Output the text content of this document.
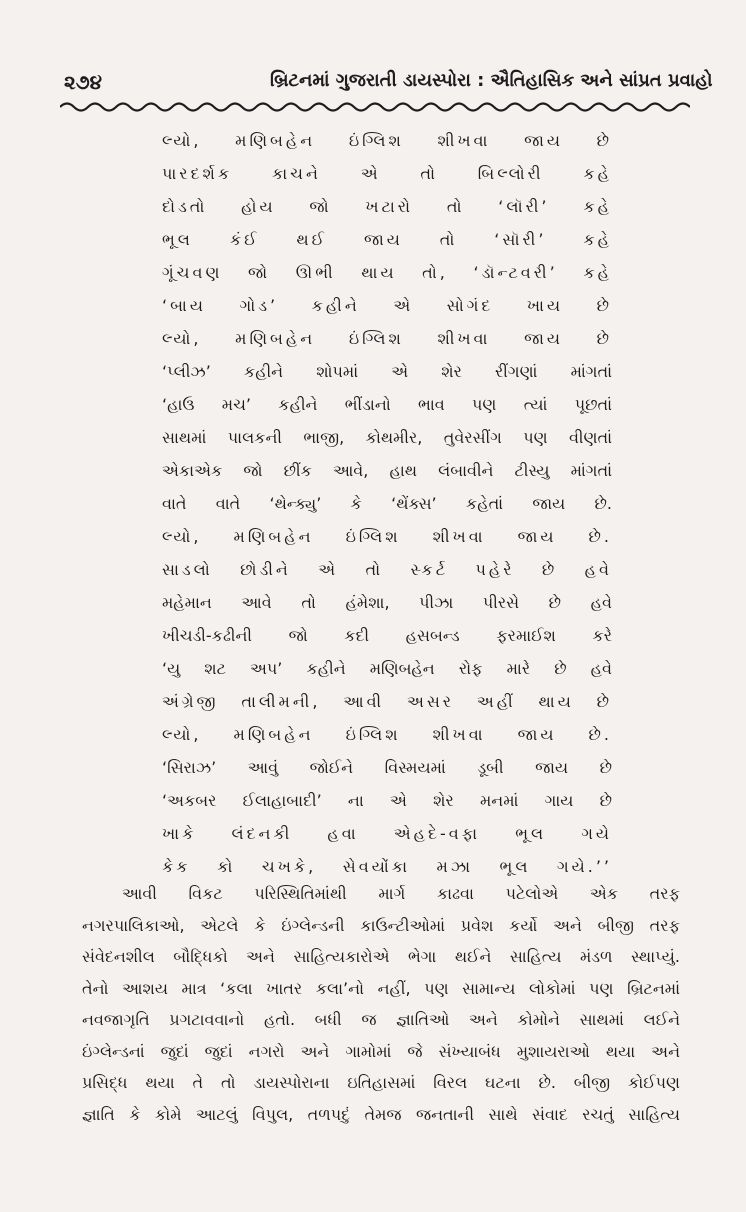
૨૭૪	બ્રિટનમાં ગુજરાતી ડાયસ્પોરા : ઐતિહાસિક અને સાંપ્રત પ્રવાહો
લ્યો, મણિબહેન ઇંગ્લિશ શીખવા જાય છે
પારદર્શક કાચને એ તો બિલ્લોરી કહે
દોડતો હોય જો ખટારો તો ‘લૉરી’ કહે
ભૂલ કંઈ થઈ જાય તો ‘સૉરી’ કહે
ગૂંચવણ જો ઊભી થાય તો, ‘ડૉન્ટવરી’ કહે
‘બાય ગોડ’ કહીને એ સોગંદ ખાય છે
લ્યો, મણિબહેન ઇંગ્લિશ શીખવા જાય છે
‘પ્લીઝ’ કહીને શોપમાં એ શેર રીંગણાં માંગતાં
‘હાઉ મચ’ કહીને ભીંડાનો ભાવ પણ ત્યાં પૂછતાં
સાથમાં પાલકની ભાજી, કોથમીર, તુવેરસીંગ પણ વીણતાં
એકાએક જો છીંક આવે, હાથ લંબાવીને ટીસ્યુ માંગતાં
વાતે વાતે ‘થેન્ક્યુ’ કે ‘થેંક્સ’ કહેતાં જાય છે.
લ્યો, મણિબહેન ઇંગ્લિશ શીખવા જાય છે.
સાડલો છોડીને એ તો સ્કર્ટ પહેરે છે હવે
મહેમાન આવે તો હંમેશા, પીઝા પીરસે છે હવે
ખીચડી-કઢીની જો કદી હસબન્ડ ફરમાઈશ કરે
‘યુ શટ અપ’ કહીને મણિબહેન રોફ મારે છે હવે
અંગ્રેજી તાલીમની, આવી અસર અહીં થાય છે
લ્યો, મણિબહેન ઇંગ્લિશ શીખવા જાય છે.
‘સિરાઝ’ આવું જોઈને વિસ્મયમાં ડૂબી જાય છે
‘અકબર ઈલાહાબાદી’ ના એ શેર મનમાં ગાય છે
ખાકે લંદનકી હવા એહદે-વફા ભૂલ ગયે
કેક કો ચખકે, સેવયોંકા મઝા ભૂલ ગયે.’’
આવી વિકટ પરિસ્થિતિમાંથી માર્ગ કાઢવા પટેલોએ એક તરફ
નગરપાલિકાઓ, એટલે કે ઇંગ્લેન્ડની કાઉન્ટીઓમાં પ્રવેશ કર્યો અને બીજી તરફ
સંવેદનશીલ બૌદ્ધિકો અને સાહિત્યકારોએ ભેગા થઈને સાહિત્ય મંડળ સ્થાપ્યું.
તેનો આશય માત્ર ‘કલા ખાતર કલા’નો નહીં, પણ સામાન્ય લોકોમાં પણ બ્રિટનમાં
નવજાગૃતિ પ્રગટાવવાનો હતો. બધી જ જ્ઞાતિઓ અને કોમોને સાથમાં લઈને
ઇંગ્લેન્ડનાં જુદાં જુદાં નગરો અને ગામોમાં જે સંખ્યાબંધ મુશાયરાઓ થયા અને
પ્રસિદ્ધ થયા તે તો ડાયસ્પોરાના ઇતિહાસમાં વિરલ ઘટના છે. બીજી કોઈપણ
જ્ઞાતિ કે કોમે આટલું વિપુલ, તળપદું તેમજ જનતાની સાથે સંવાદ રચતું સાહિત્ય
